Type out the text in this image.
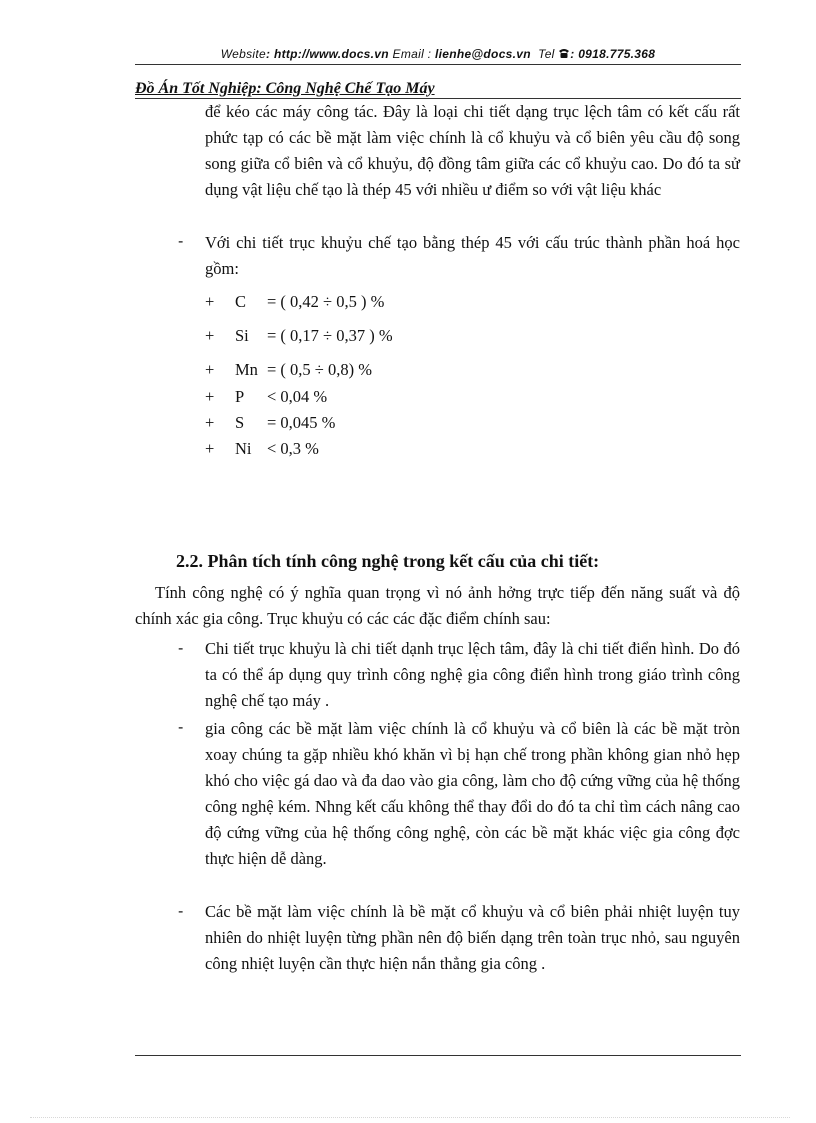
Website: http://www.docs.vn Email : lienhe@docs.vn Tel : 0918.775.368
Đồ Án Tốt Nghiệp: Công Nghệ Chế Tạo Máy
để kéo các máy công tác. Đây là loại chi tiết dạng trục lệch tâm có kết cấu rất phức tạp có các bề mặt làm việc chính là cổ khuỷu và cổ biên yêu cầu độ song song giữa cổ biên và cổ khuỷu, độ đồng tâm giữa các cổ khuỷu cao. Do đó ta sử dụng vật liệu chế tạo là thép 45 với nhiều ư điểm so với vật liệu khác
- Với chi tiết trục khuỷu chế tạo bằng thép 45 với cấu trúc thành phần hoá học gồm:
+ C = ( 0,42 ÷ 0,5 ) %
+ Si = ( 0,17 ÷ 0,37 ) %
+ Mn = ( 0,5 ÷ 0,8) %
+ P < 0,04 %
+ S = 0,045 %
+ Ni < 0,3 %
2.2. Phân tích tính công nghệ trong kết cấu của chi tiết:
Tính công nghệ có ý nghĩa quan trọng vì nó ảnh hởng trực tiếp đến năng suất và độ chính xác gia công. Trục khuỷu có các các đặc điểm chính sau:
- Chi tiết trục khuỷu là chi tiết dạnh trục lệch tâm, đây là chi tiết điển hình. Do đó ta có thể áp dụng quy trình công nghệ gia công điển hình trong giáo trình công nghệ chế tạo máy .
- gia công các bề mặt làm việc chính là cổ khuỷu và cổ biên là các bề mặt tròn xoay chúng ta gặp nhiều khó khăn vì bị hạn chế trong phần không gian nhỏ hẹp khó cho việc gá dao và đa dao vào gia công, làm cho độ cứng vững của hệ thống công nghệ kém. Nhng kết cấu không thể thay đổi do đó ta chỉ tìm cách nâng cao độ cứng vững của hệ thống công nghệ, còn các bề mặt khác việc gia công đợc thực hiện dễ dàng.
- Các bề mặt làm việc chính là bề mặt cổ khuỷu và cổ biên phải nhiệt luyện tuy nhiên do nhiệt luyện từng phần nên độ biến dạng trên toàn trục nhỏ, sau nguyên công nhiệt luyện cần thực hiện nắn thẳng gia công .
